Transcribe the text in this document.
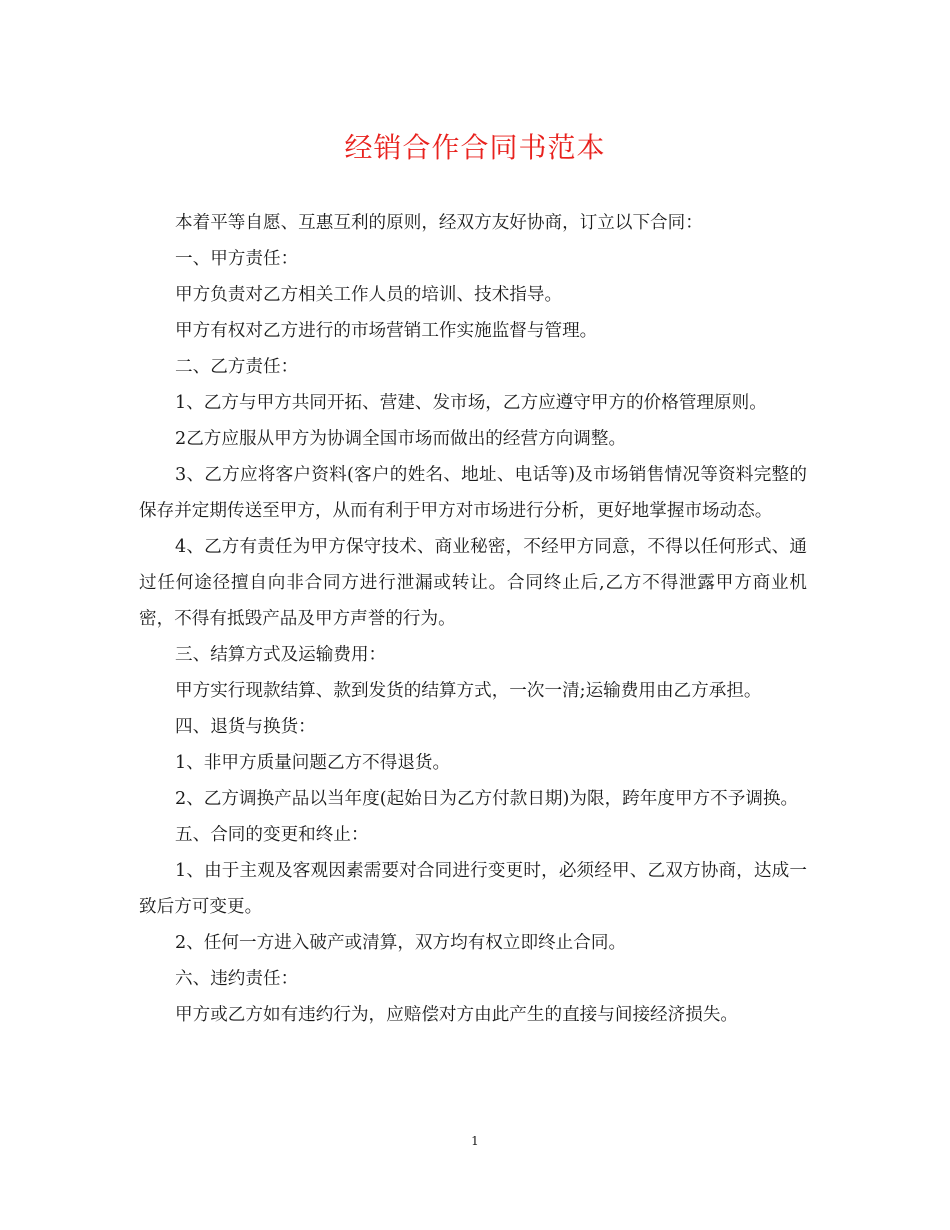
经销合作合同书范本

本着平等自愿、互惠互利的原则，经双方友好协商，订立以下合同：

一、甲方责任：

甲方负责对乙方相关工作人员的培训、技术指导。

甲方有权对乙方进行的市场营销工作实施监督与管理。

二、乙方责任：

1、乙方与甲方共同开拓、营建、发市场，乙方应遵守甲方的价格管理原则。

2乙方应服从甲方为协调全国市场而做出的经营方向调整。

3、乙方应将客户资料(客户的姓名、地址、电话等)及市场销售情况等资料完整的保存并定期传送至甲方，从而有利于甲方对市场进行分析，更好地掌握市场动态。

4、乙方有责任为甲方保守技术、商业秘密，不经甲方同意，不得以任何形式、通过任何途径擅自向非合同方进行泄漏或转让。合同终止后,乙方不得泄露甲方商业机密，不得有抵毁产品及甲方声誉的行为。

三、结算方式及运输费用：

甲方实行现款结算、款到发货的结算方式，一次一清;运输费用由乙方承担。

四、退货与换货：

1、非甲方质量问题乙方不得退货。

2、乙方调换产品以当年度(起始日为乙方付款日期)为限，跨年度甲方不予调换。

五、合同的变更和终止：

1、由于主观及客观因素需要对合同进行变更时，必须经甲、乙双方协商，达成一致后方可变更。

2、任何一方进入破产或清算，双方均有权立即终止合同。

六、违约责任：

甲方或乙方如有违约行为，应赔偿对方由此产生的直接与间接经济损失。

1
